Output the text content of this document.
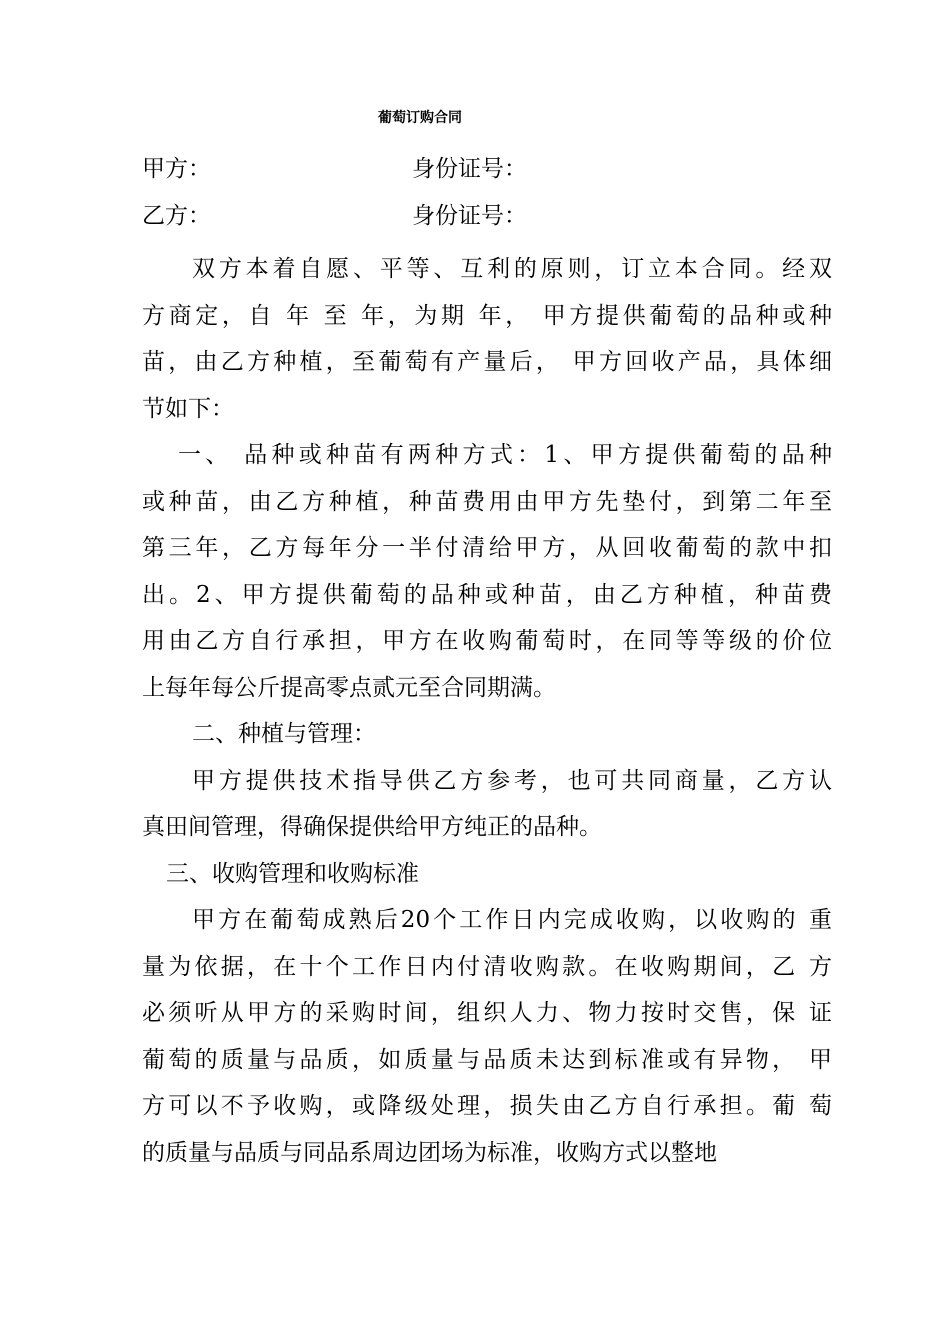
葡萄订购合同
甲方：	身份证号：
乙方：	身份证号：
双方本着自愿、平等、互利的原则，订立本合同。经双
方商定，自 年 至 年，为期 年， 甲方提供葡萄的品种或种
苗，由乙方种植，至葡萄有产量后， 甲方回收产品，具体细
节如下：
一、 品种或种苗有两种方式：1、甲方提供葡萄的品种
或种苗，由乙方种植，种苗费用由甲方先垫付，到第二年至
第三年，乙方每年分一半付清给甲方，从回收葡萄的款中扣
出。2、甲方提供葡萄的品种或种苗，由乙方种植，种苗费
用由乙方自行承担，甲方在收购葡萄时，在同等等级的价位
上每年每公斤提高零点贰元至合同期满。
二、种植与管理：
甲方提供技术指导供乙方参考，也可共同商量，乙方认
真田间管理，得确保提供给甲方纯正的品种。
三、收购管理和收购标准
甲方在葡萄成熟后20个工作日内完成收购，以收购的 重
量为依据，在十个工作日内付清收购款。在收购期间，乙 方
必须听从甲方的采购时间，组织人力、物力按时交售，保 证
葡萄的质量与品质，如质量与品质未达到标准或有异物， 甲
方可以不予收购，或降级处理，损失由乙方自行承担。葡 萄
的质量与品质与同品系周边团场为标准，收购方式以整地
